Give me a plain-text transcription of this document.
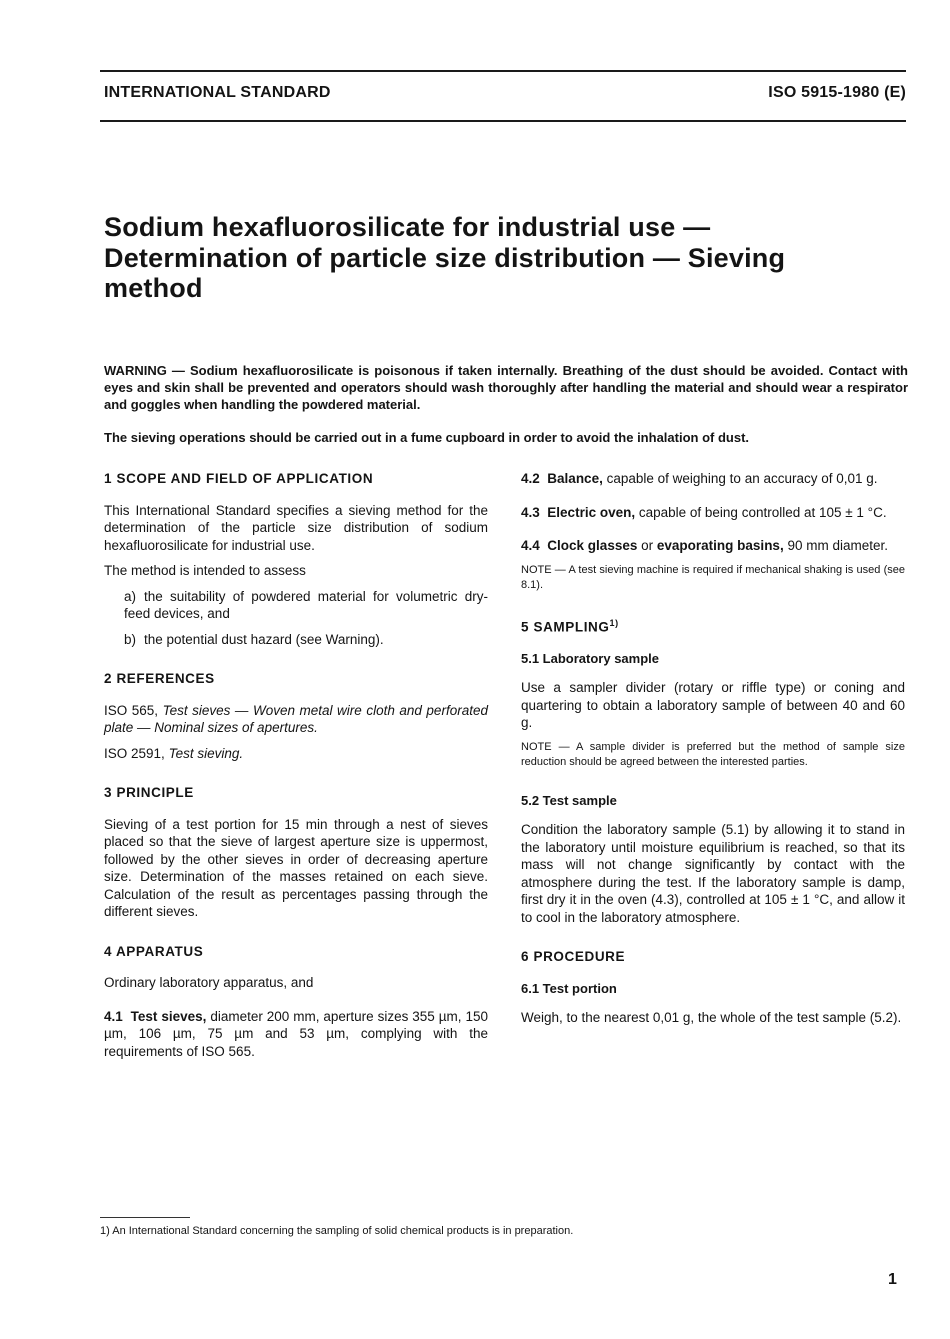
INTERNATIONAL STANDARD	ISO 5915-1980 (E)
Sodium hexafluorosilicate for industrial use —
Determination of particle size distribution — Sieving
method

WARNING — Sodium hexafluorosilicate is poisonous if taken internally. Breathing of the dust should be avoided. Contact with eyes and skin shall be prevented and operators should wash thoroughly after handling the material and should wear a respirator and goggles when handling the powdered material.

The sieving operations should be carried out in a fume cupboard in order to avoid the inhalation of dust.

1 SCOPE AND FIELD OF APPLICATION

This International Standard specifies a sieving method for the determination of the particle size distribution of sodium hexafluorosilicate for industrial use.

The method is intended to assess

a) the suitability of powdered material for volumetric dry-feed devices, and

b) the potential dust hazard (see Warning).

2 REFERENCES

ISO 565, Test sieves — Woven metal wire cloth and perforated plate — Nominal sizes of apertures.

ISO 2591, Test sieving.

3 PRINCIPLE

Sieving of a test portion for 15 min through a nest of sieves placed so that the sieve of largest aperture size is uppermost, followed by the other sieves in order of decreasing aperture size. Determination of the masses retained on each sieve. Calculation of the result as percentages passing through the different sieves.

4 APPARATUS

Ordinary laboratory apparatus, and

4.1 Test sieves, diameter 200 mm, aperture sizes 355 µm, 150 µm, 106 µm, 75 µm and 53 µm, complying with the requirements of ISO 565.

4.2 Balance, capable of weighing to an accuracy of 0,01 g.

4.3 Electric oven, capable of being controlled at 105 ± 1 °C.

4.4 Clock glasses or evaporating basins, 90 mm diameter.

NOTE — A test sieving machine is required if mechanical shaking is used (see 8.1).

5 SAMPLING$^{1)}$
5.1 Laboratory sample

Use a sampler divider (rotary or riffle type) or coning and quartering to obtain a laboratory sample of between 40 and 60 g.

NOTE — A sample divider is preferred but the method of sample size reduction should be agreed between the interested parties.

5.2 Test sample

Condition the laboratory sample (5.1) by allowing it to stand in the laboratory until moisture equilibrium is reached, so that its mass will not change significantly by contact with the atmosphere during the test. If the laboratory sample is damp, first dry it in the oven (4.3), controlled at 105 ± 1 °C, and allow it to cool in the laboratory atmosphere.

6 PROCEDURE
6.1 Test portion

Weigh, to the nearest 0,01 g, the whole of the test sample (5.2).

1) An International Standard concerning the sampling of solid chemical products is in preparation.
1
